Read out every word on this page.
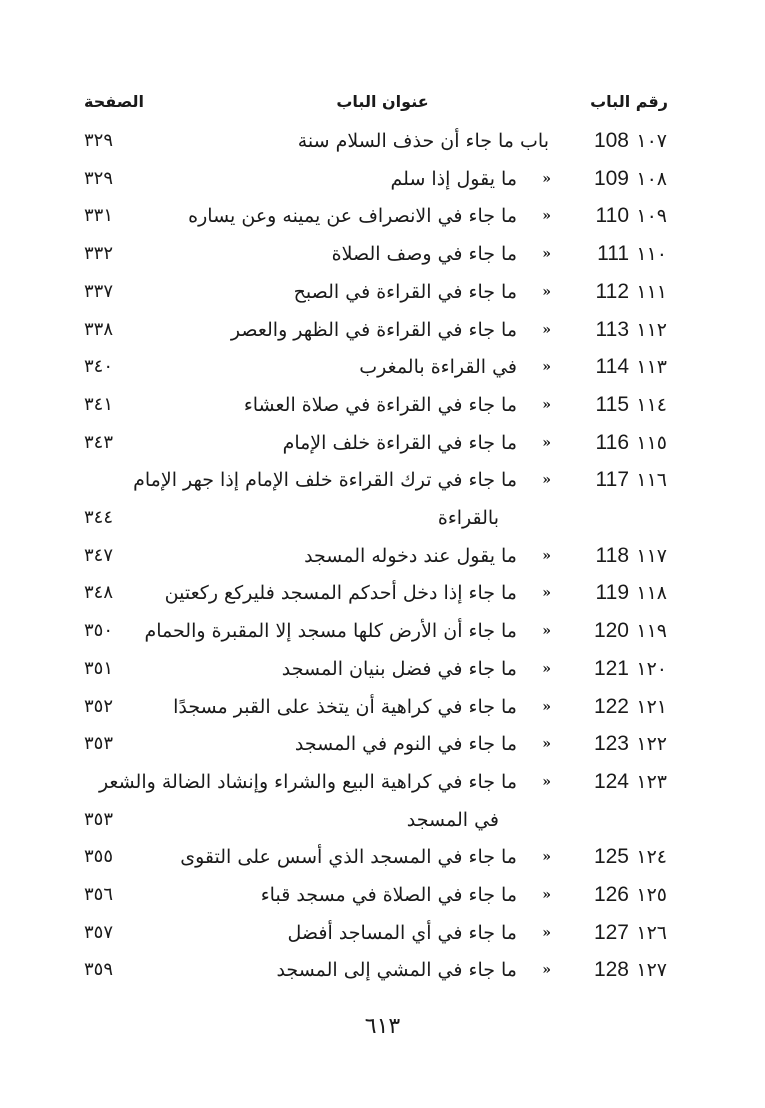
رقم الباب
عنوان الباب
الصفحة
١٠٧
108
باب ما جاء أن حذف السلام سنة
٣٢٩
١٠٨
109
»
ما يقول إذا سلم
٣٢٩
١٠٩
110
»
ما جاء في الانصراف عن يمينه وعن يساره
٣٣١
١١٠
111
»
ما جاء في وصف الصلاة
٣٣٢
١١١
112
»
ما جاء في القراءة في الصبح
٣٣٧
١١٢
113
»
ما جاء في القراءة في الظهر والعصر
٣٣٨
١١٣
114
»
في القراءة بالمغرب
٣٤٠
١١٤
115
»
ما جاء في القراءة في صلاة العشاء
٣٤١
١١٥
116
»
ما جاء في القراءة خلف الإمام
٣٤٣
١١٦
117
»
ما جاء في ترك القراءة خلف الإمام إذا جهر الإمام
بالقراءة
٣٤٤
١١٧
118
»
ما يقول عند دخوله المسجد
٣٤٧
١١٨
119
»
ما جاء إذا دخل أحدكم المسجد فليركع ركعتين
٣٤٨
١١٩
120
»
ما جاء أن الأرض كلها مسجد إلا المقبرة والحمام
٣٥٠
١٢٠
121
»
ما جاء في فضل بنيان المسجد
٣٥١
١٢١
122
»
ما جاء في كراهية أن يتخذ على القبر مسجدًا
٣٥٢
١٢٢
123
»
ما جاء في النوم في المسجد
٣٥٣
١٢٣
124
»
ما جاء في كراهية البيع والشراء وإنشاد الضالة والشعر
في المسجد
٣٥٣
١٢٤
125
»
ما جاء في المسجد الذي أسس على التقوى
٣٥٥
١٢٥
126
»
ما جاء في الصلاة في مسجد قباء
٣٥٦
١٢٦
127
»
ما جاء في أي المساجد أفضل
٣٥٧
١٢٧
128
»
ما جاء في المشي إلى المسجد
٣٥٩
٦١٣
